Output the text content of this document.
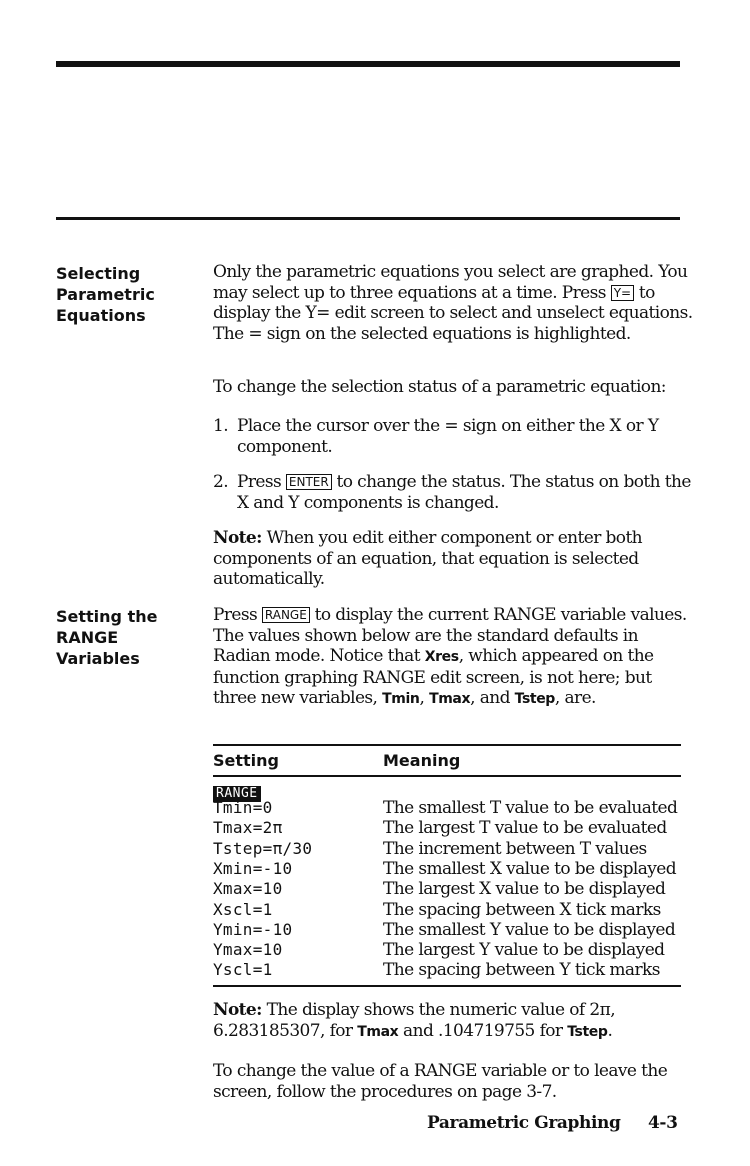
Selecting
Parametric
Equations

Only the parametric equations you select are graphed. You may select up to three equations at a time. Press Y= to display the Y= edit screen to select and unselect equations. The = sign on the selected equations is highlighted.

To change the selection status of a parametric equation:

1. Place the cursor over the = sign on either the X or Y component.
2. Press ENTER to change the status. The status on both the X and Y components is changed.

Note: When you edit either component or enter both components of an equation, that equation is selected automatically.

Setting the
RANGE
Variables

Press RANGE to display the current RANGE variable values. The values shown below are the standard defaults in Radian mode. Notice that Xres, which appeared on the function graphing RANGE edit screen, is not here; but three new variables, Tmin, Tmax, and Tstep, are.

Setting	Meaning
RANGE
Tmin=0	The smallest T value to be evaluated
Tmax=2π	The largest T value to be evaluated
Tstep=π/30	The increment between T values
Xmin=-10	The smallest X value to be displayed
Xmax=10	The largest X value to be displayed
Xscl=1	The spacing between X tick marks
Ymin=-10	The smallest Y value to be displayed
Ymax=10	The largest Y value to be displayed
Yscl=1	The spacing between Y tick marks

Note: The display shows the numeric value of 2π, 6.283185307, for Tmax and .104719755 for Tstep.

To change the value of a RANGE variable or to leave the screen, follow the procedures on page 3-7.

Parametric Graphing 4-3
